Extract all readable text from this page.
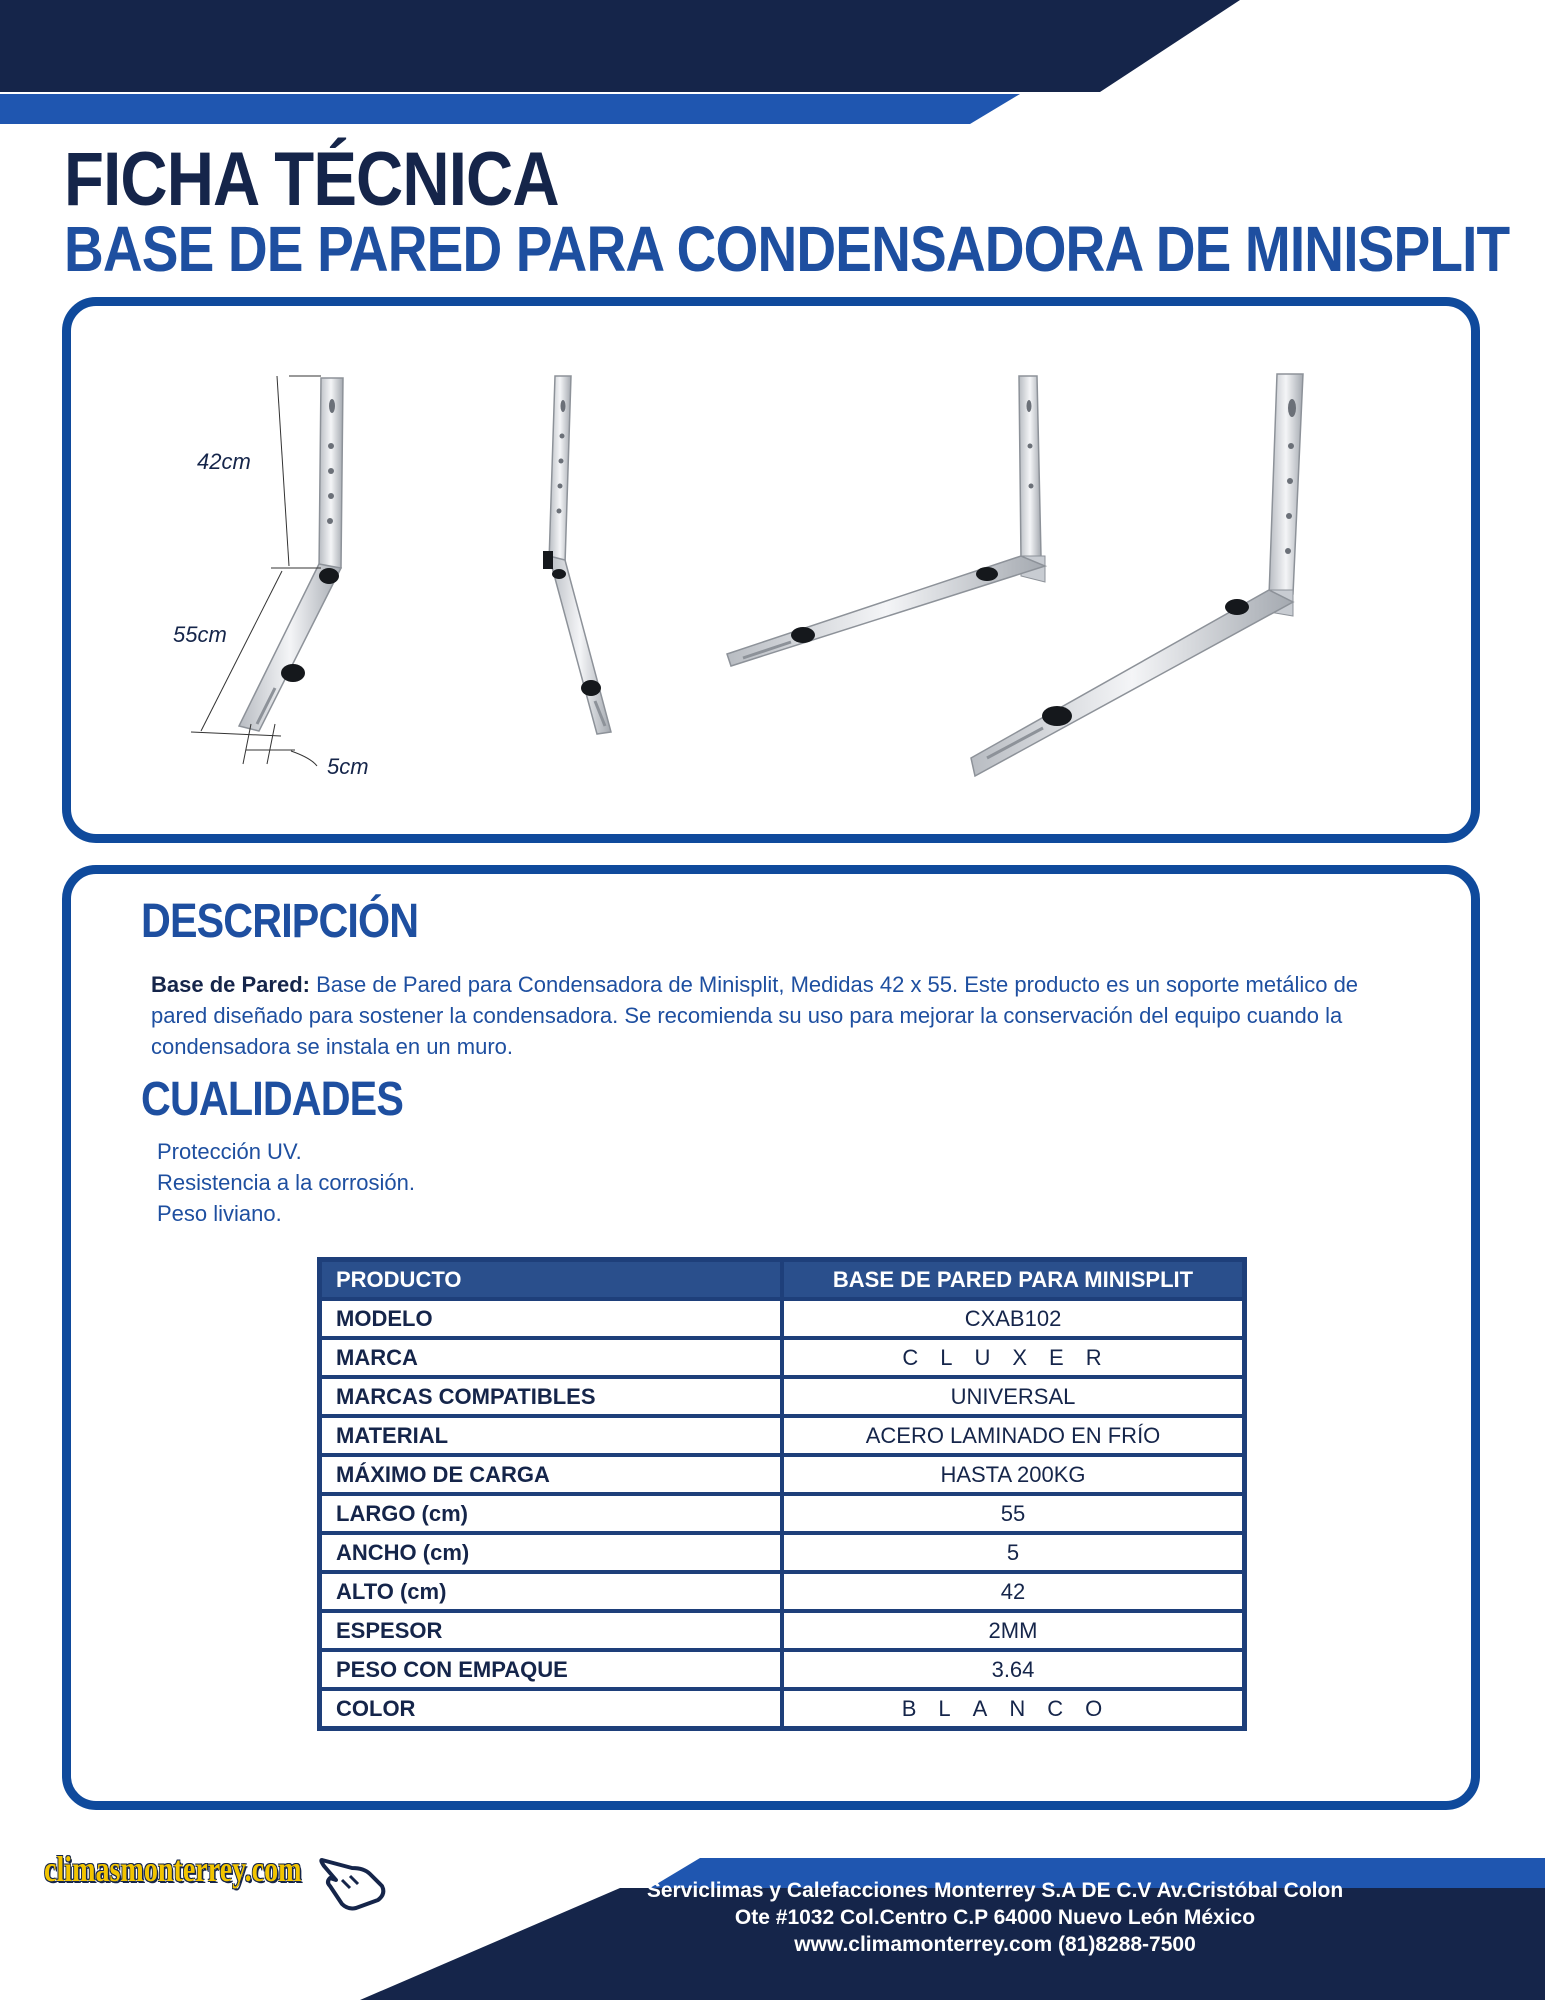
FICHA TÉCNICA
BASE DE PARED PARA CONDENSADORA DE MINISPLIT
42cm
55cm
5cm
DESCRIPCIÓN
Base de Pared: Base de Pared para Condensadora de Minisplit, Medidas 42 x 55. Este producto es un soporte metálico de pared diseñado para sostener la condensadora. Se recomienda su uso para mejorar la conservación del equipo cuando la condensadora se instala en un muro.
CUALIDADES
Protección UV.
Resistencia a la corrosión.
Peso liviano.
PRODUCTO	BASE DE PARED PARA MINISPLIT
MODELO	CXAB102
MARCA	CLUXER
MARCAS COMPATIBLES	UNIVERSAL
MATERIAL	ACERO LAMINADO EN FRÍO
MÁXIMO DE CARGA	HASTA 200KG
LARGO (cm)	55
ANCHO (cm)	5
ALTO (cm)	42
ESPESOR	2MM
PESO CON EMPAQUE	3.64
COLOR	BLANCO
climasmonterrey.com
Serviclimas y Calefacciones Monterrey S.A DE C.V Av.Cristóbal Colon
Ote #1032 Col.Centro C.P 64000 Nuevo León México
www.climamonterrey.com (81)8288-7500
